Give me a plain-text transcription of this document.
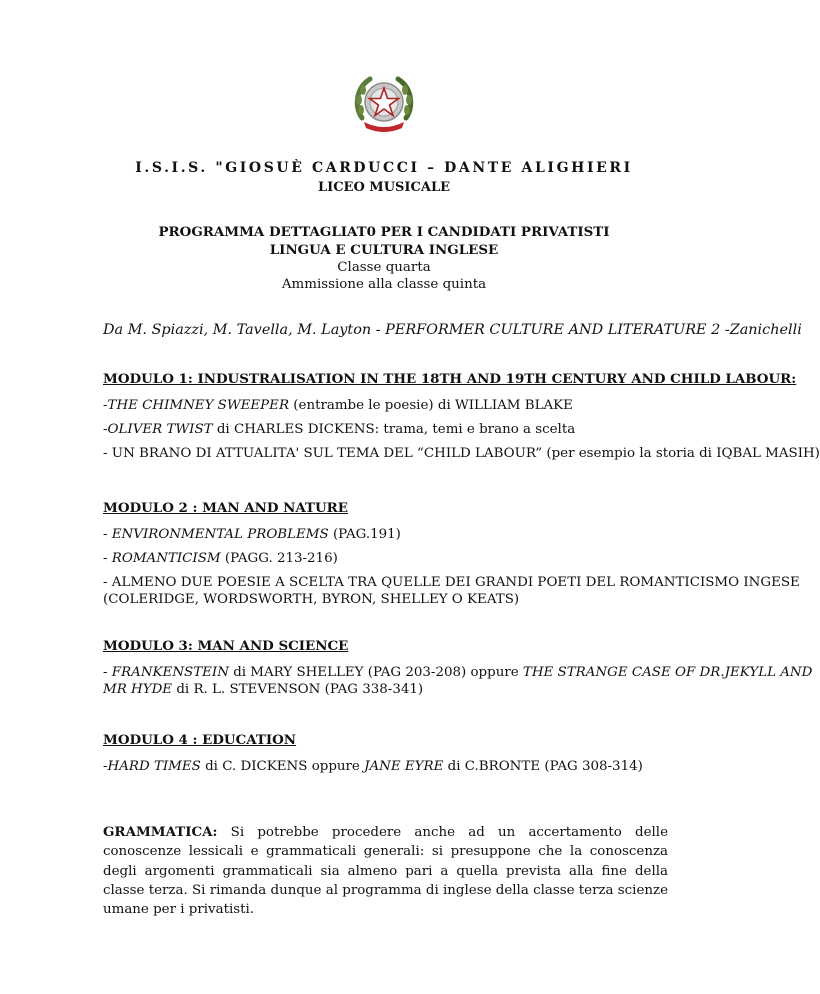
I.S.I.S. "GIOSUÈ CARDUCCI – DANTE ALIGHIERI
LICEO MUSICALE
PROGRAMMA DETTAGLIAT0 PER I CANDIDATI PRIVATISTI
LINGUA E CULTURA INGLESE
Classe quarta
Ammissione alla classe quinta
Da M. Spiazzi, M. Tavella, M. Layton - PERFORMER CULTURE AND LITERATURE 2 -Zanichelli
MODULO 1: INDUSTRALISATION IN THE 18TH AND 19TH CENTURY AND CHILD LABOUR:
-THE CHIMNEY SWEEPER (entrambe le poesie) di WILLIAM BLAKE
-OLIVER TWIST di CHARLES DICKENS: trama, temi e brano a scelta
- UN BRANO DI ATTUALITA' SUL TEMA DEL “CHILD LABOUR” (per esempio la storia di IQBAL MASIH)
MODULO 2 : MAN AND NATURE
- ENVIRONMENTAL PROBLEMS (PAG.191)
- ROMANTICISM (PAGG. 213-216)
- ALMENO DUE POESIE A SCELTA TRA QUELLE DEI GRANDI POETI DEL ROMANTICISMO INGESE
(COLERIDGE, WORDSWORTH, BYRON, SHELLEY O KEATS)
MODULO 3: MAN AND SCIENCE
- FRANKENSTEIN di MARY SHELLEY (PAG 203-208) oppure THE STRANGE CASE OF DR.JEKYLL AND
MR HYDE di R. L. STEVENSON (PAG 338-341)
MODULO 4 : EDUCATION
-HARD TIMES di C. DICKENS oppure JANE EYRE di C.BRONTE (PAG 308-314)
GRAMMATICA: Si potrebbe procedere anche ad un accertamento delle conoscenze lessicali e grammaticali generali: si presuppone che la conoscenza degli argomenti grammaticali sia almeno pari a quella prevista alla fine della classe terza. Si rimanda dunque al programma di inglese della classe terza scienze umane per i privatisti.
